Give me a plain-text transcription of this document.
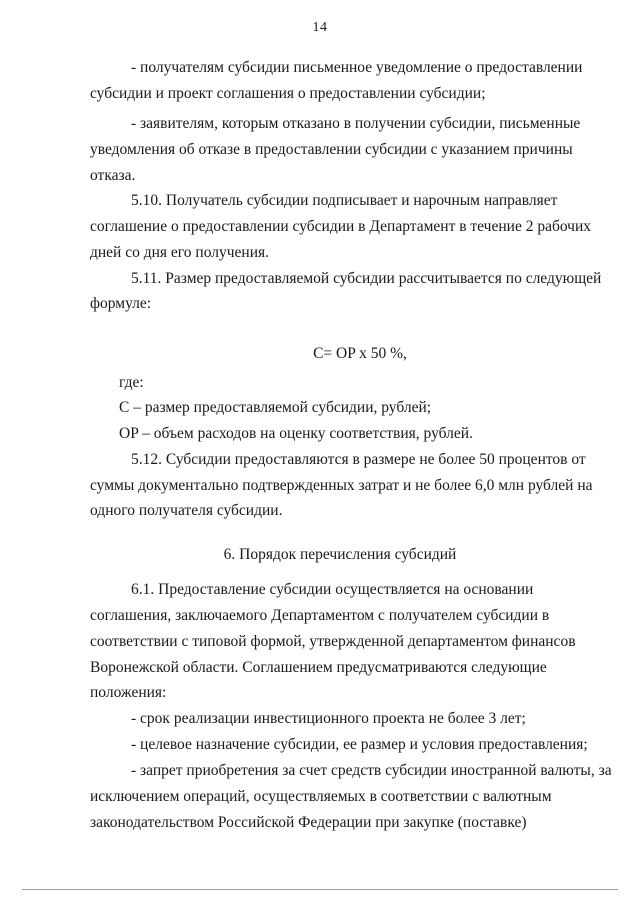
14
- получателям субсидии письменное уведомление о предоставлении
субсидии и проект соглашения о предоставлении субсидии;
- заявителям, которым отказано в получении субсидии, письменные
уведомления об отказе в предоставлении субсидии с указанием причины
отказа.
5.10. Получатель субсидии подписывает и нарочным направляет
соглашение о предоставлении субсидии в Департамент в течение 2 рабочих
дней со дня его получения.
5.11. Размер предоставляемой субсидии рассчитывается по следующей
формуле:
C= OP x 50 %,
где:
C – размер предоставляемой субсидии, рублей;
OP – объем расходов на оценку соответствия, рублей.
5.12. Субсидии предоставляются в размере не более 50 процентов от
суммы документально подтвержденных затрат и не более 6,0 млн рублей на
одного получателя субсидии.
6. Порядок перечисления субсидий
6.1. Предоставление субсидии осуществляется на основании
соглашения, заключаемого Департаментом с получателем субсидии в
соответствии с типовой формой, утвержденной департаментом финансов
Воронежской области. Соглашением предусматриваются следующие
положения:
- срок реализации инвестиционного проекта не более 3 лет;
- целевое назначение субсидии, ее размер и условия предоставления;
- запрет приобретения за счет средств субсидии иностранной валюты, за
исключением операций, осуществляемых в соответствии с валютным
законодательством Российской Федерации при закупке (поставке)
